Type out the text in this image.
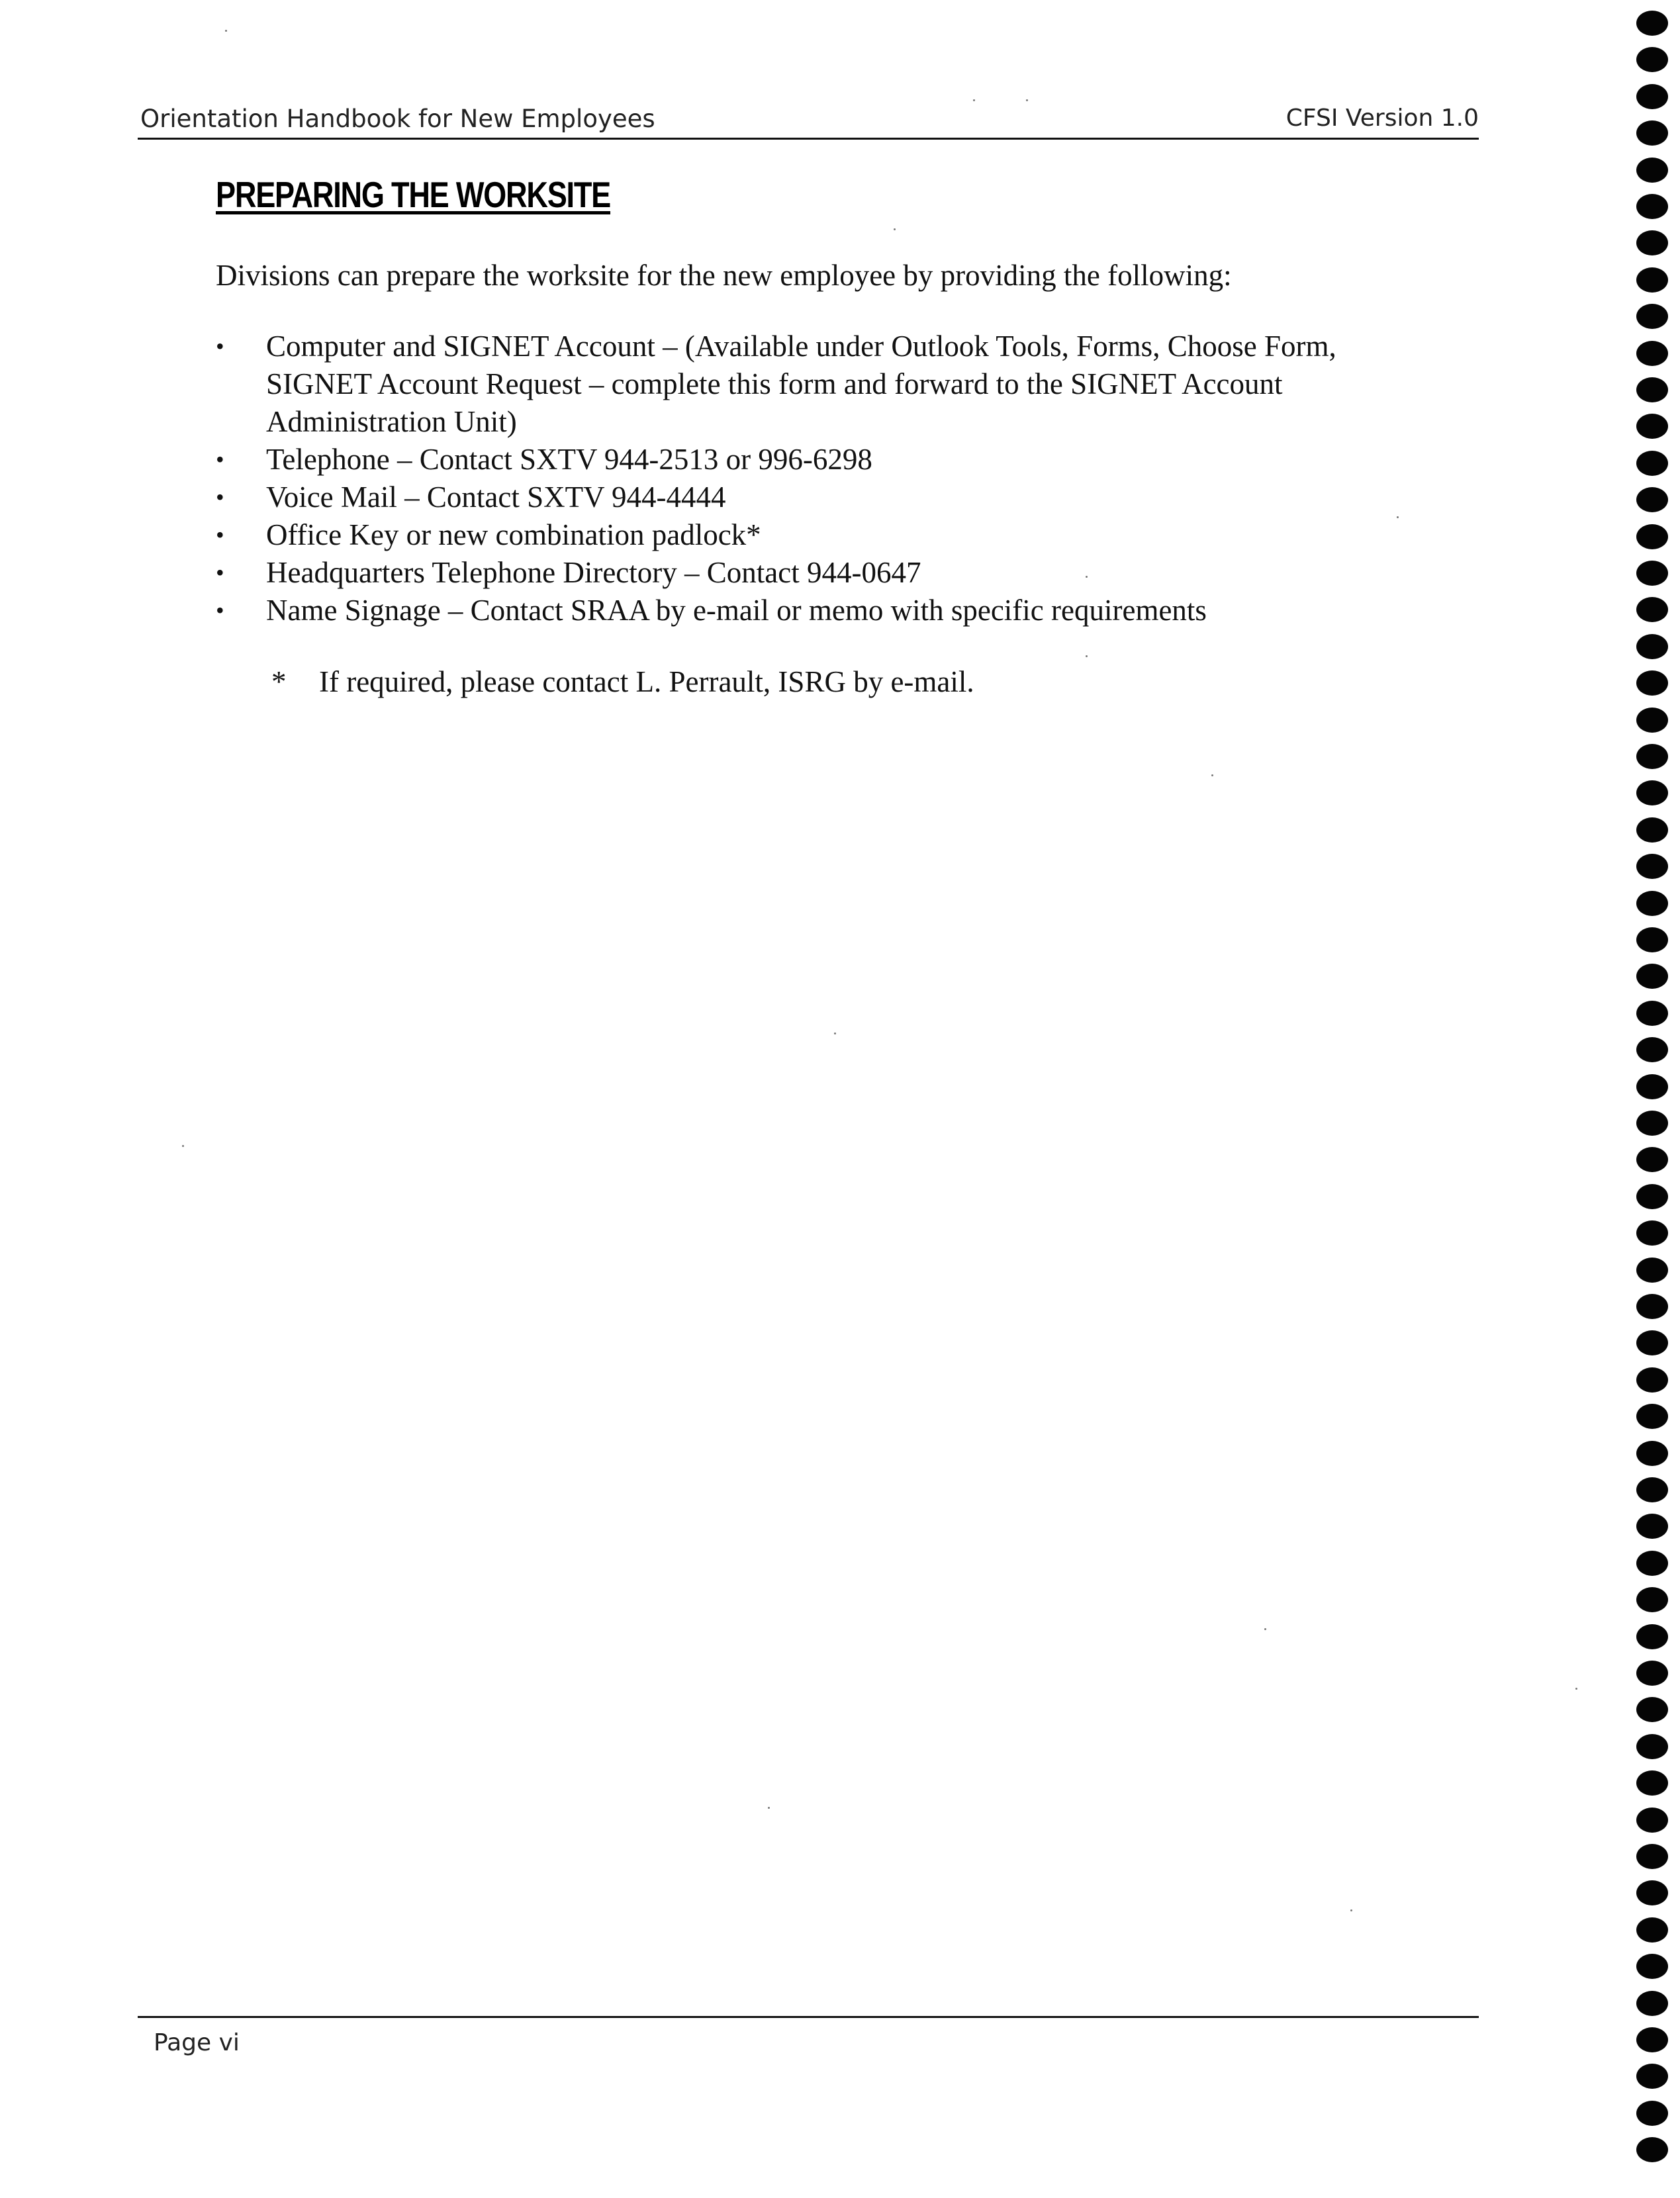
Orientation Handbook for New Employees	CFSI Version 1.0
PREPARING THE WORKSITE

Divisions can prepare the worksite for the new employee by providing the following:

•	Computer and SIGNET Account – (Available under Outlook Tools, Forms, Choose Form, SIGNET Account Request – complete this form and forward to the SIGNET Account Administration Unit)
•	Telephone – Contact SXTV 944-2513 or 996-6298
•	Voice Mail – Contact SXTV 944-4444
•	Office Key or new combination padlock*
•	Headquarters Telephone Directory – Contact 944-0647
•	Name Signage – Contact SRAA by e-mail or memo with specific requirements

* If required, please contact L. Perrault, ISRG by e-mail.

Page vi
